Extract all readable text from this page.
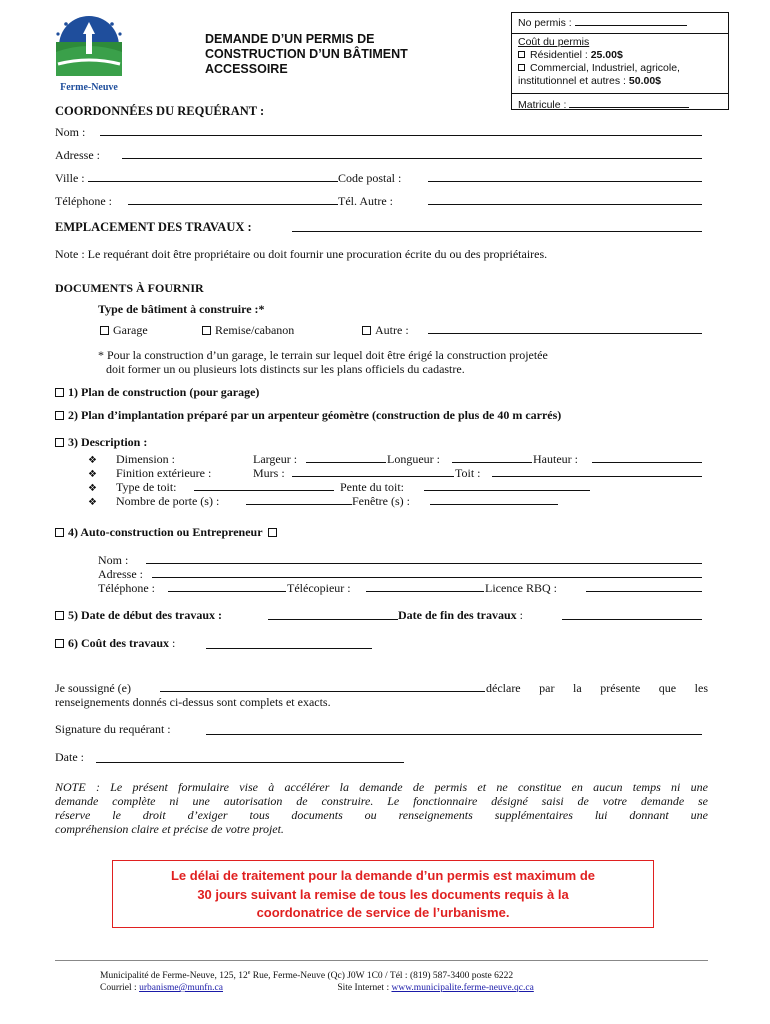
Ferme-Neuve
DEMANDE D’UN PERMIS DE
CONSTRUCTION D’UN BÂTIMENT
ACCESSOIRE
No permis :
Coût du permis
Résidentiel : 25.00$
Commercial, Industriel, agricole,
institutionnel et autres : 50.00$
Matricule :
COORDONNÉES DU REQUÉRANT :
Nom :
Adresse :
Ville :	Code postal :
Téléphone :	Tél. Autre :
EMPLACEMENT DES TRAVAUX :
Note : Le requérant doit être propriétaire ou doit fournir une procuration écrite du ou des propriétaires.
DOCUMENTS À FOURNIR
Type de bâtiment à construire :*
Garage	Remise/cabanon	Autre :
* Pour la construction d’un garage, le terrain sur lequel doit être érigé la construction projetée
doit former un ou plusieurs lots distincts sur les plans officiels du cadastre.
1) Plan de construction (pour garage)
2) Plan d’implantation préparé par un arpenteur géomètre (construction de plus de 40 m carrés)
3) Description :
❖ Dimension :	Largeur :	Longueur :	Hauteur :
❖ Finition extérieure :	Murs :	Toit :
❖ Type de toit:	Pente du toit:
❖ Nombre de porte (s) :	Fenêtre (s) :
4) Auto-construction ou Entrepreneur
Nom :
Adresse :
Téléphone :	Télécopieur :	Licence RBQ :
5) Date de début des travaux :	Date de fin des travaux :
6) Coût des travaux :
Je soussigné (e)	déclare par la présente que les
renseignements donnés ci-dessus sont complets et exacts.
Signature du requérant :
Date :
NOTE : Le présent formulaire vise à accélérer la demande de permis et ne constitue en aucun temps ni une
demande complète ni une autorisation de construire. Le fonctionnaire désigné saisi de votre demande se
réserve le droit d’exiger tous documents ou renseignements supplémentaires lui donnant une
compréhension claire et précise de votre projet.
Le délai de traitement pour la demande d’un permis est maximum de
30 jours suivant la remise de tous les documents requis à la
coordonatrice de service de l’urbanisme.
Municipalité de Ferme-Neuve, 125, 12e Rue, Ferme-Neuve (Qc) J0W 1C0 / Tél : (819) 587-3400 poste 6222
Courriel : urbanisme@munfn.ca	Site Internet : www.municipalite.ferme-neuve.qc.ca
